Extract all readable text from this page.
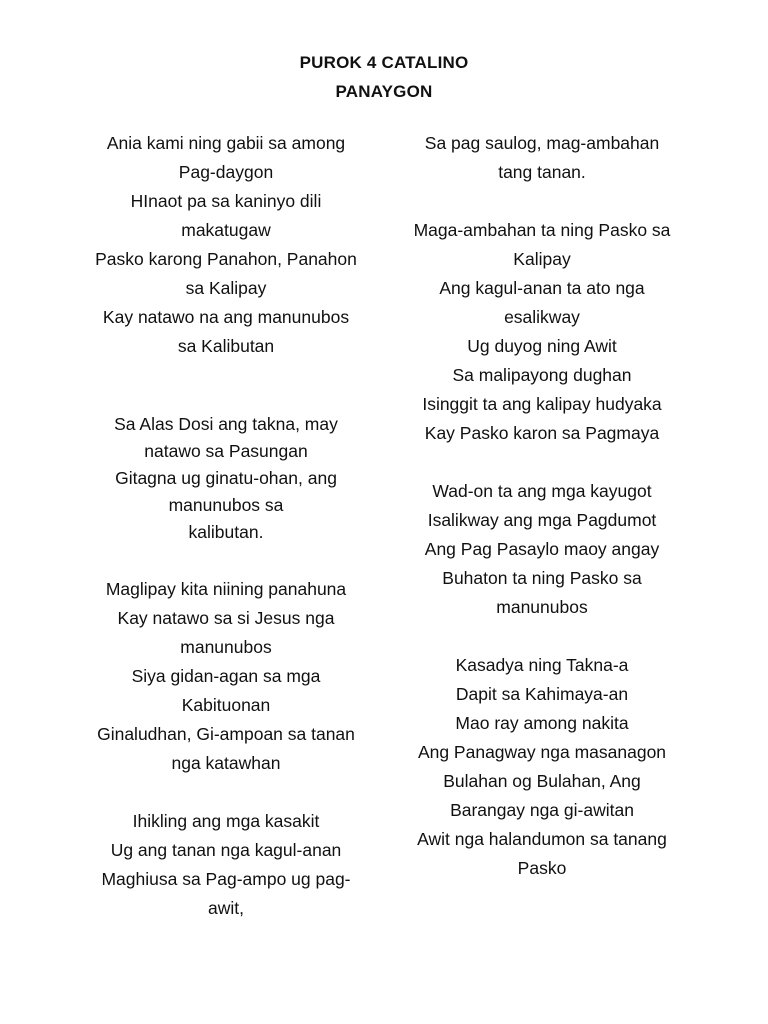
PUROK 4 CATALINO
PANAYGON
Ania kami ning gabii sa among
Pag-daygon
HInaot pa sa kaninyo dili
makatugaw
Pasko karong Panahon, Panahon
sa Kalipay
Kay natawo na ang manunubos
sa Kalibutan
Sa Alas Dosi ang takna, may
natawo sa Pasungan
Gitagna ug ginatu-ohan, ang
manunubos sa
kalibutan.
Maglipay kita niining panahuna
Kay natawo sa si Jesus nga
manunubos
Siya gidan-agan sa mga
Kabituonan
Ginaludhan, Gi-ampoan sa tanan
nga katawhan
Ihikling ang mga kasakit
Ug ang tanan nga kagul-anan
Maghiusa sa Pag-ampo ug pag-
awit,
Sa pag saulog, mag-ambahan
tang tanan.
Maga-ambahan ta ning Pasko sa
Kalipay
Ang kagul-anan ta ato nga
esalikway
Ug duyog ning Awit
Sa malipayong dughan
Isinggit ta ang kalipay hudyaka
Kay Pasko karon sa Pagmaya
Wad-on ta ang mga kayugot
Isalikway ang mga Pagdumot
Ang Pag Pasaylo maoy angay
Buhaton ta ning Pasko sa
manunubos
Kasadya ning Takna-a
Dapit sa Kahimaya-an
Mao ray among nakita
Ang Panagway nga masanagon
Bulahan og Bulahan, Ang
Barangay nga gi-awitan
Awit nga halandumon sa tanang
Pasko
